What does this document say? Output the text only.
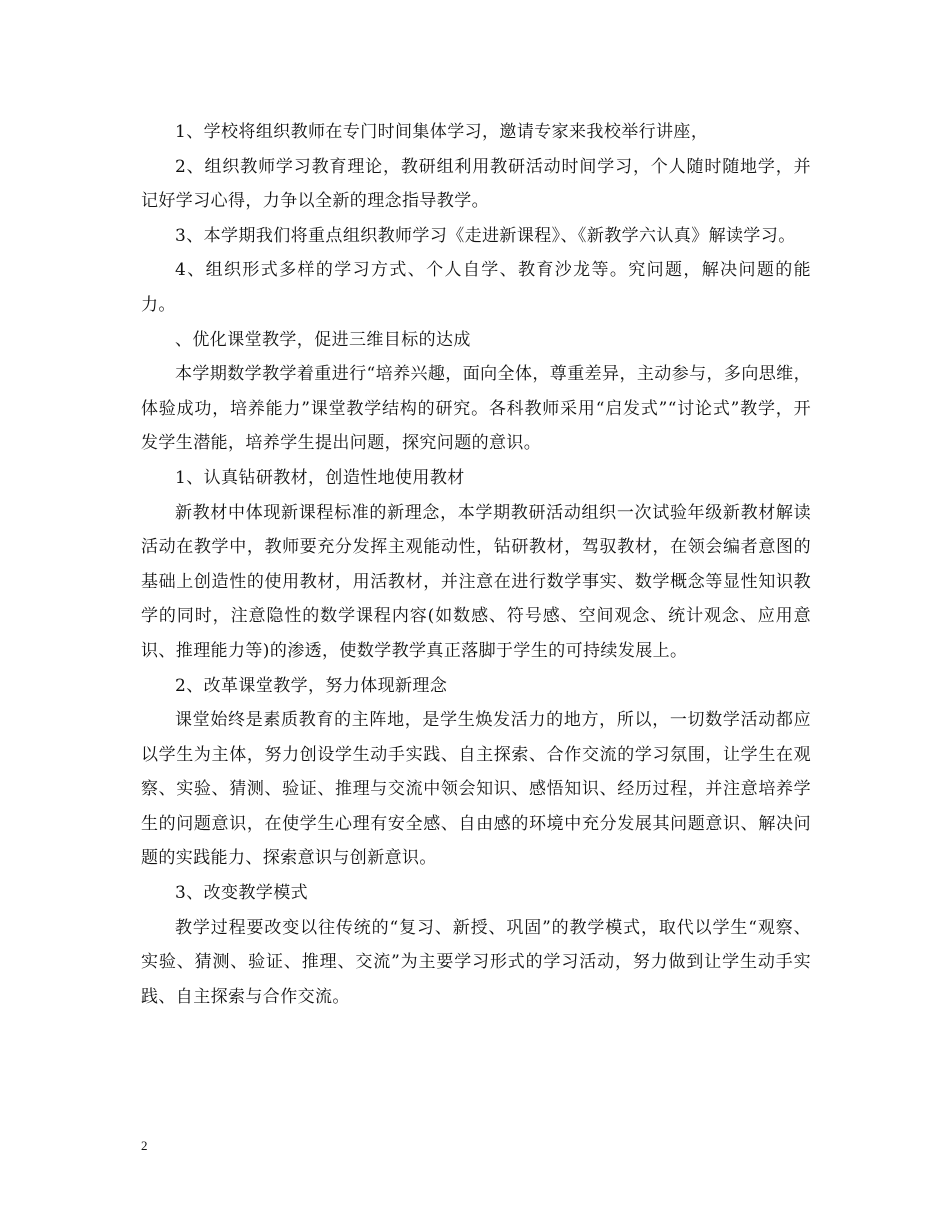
1、学校将组织教师在专门时间集体学习，邀请专家来我校举行讲座，

2、组织教师学习教育理论，教研组利用教研活动时间学习，个人随时随地学，并记好学习心得，力争以全新的理念指导教学。

3、本学期我们将重点组织教师学习《走进新课程》、《新教学六认真》解读学习。

4、组织形式多样的学习方式、个人自学、教育沙龙等。究问题，解决问题的能力。

、优化课堂教学，促进三维目标的达成

本学期数学教学着重进行“培养兴趣，面向全体，尊重差异，主动参与，多向思维，体验成功，培养能力”课堂教学结构的研究。各科教师采用“启发式”“讨论式”教学，开发学生潜能，培养学生提出问题，探究问题的意识。

1、认真钻研教材，创造性地使用教材

新教材中体现新课程标准的新理念，本学期教研活动组织一次试验年级新教材解读活动在教学中，教师要充分发挥主观能动性，钻研教材，驾驭教材，在领会编者意图的基础上创造性的使用教材，用活教材，并注意在进行数学事实、数学概念等显性知识教学的同时，注意隐性的数学课程内容(如数感、符号感、空间观念、统计观念、应用意识、推理能力等)的渗透，使数学教学真正落脚于学生的可持续发展上。

2、改革课堂教学，努力体现新理念

课堂始终是素质教育的主阵地，是学生焕发活力的地方，所以，一切数学活动都应以学生为主体，努力创设学生动手实践、自主探索、合作交流的学习氛围，让学生在观察、实验、猜测、验证、推理与交流中领会知识、感悟知识、经历过程，并注意培养学生的问题意识，在使学生心理有安全感、自由感的环境中充分发展其问题意识、解决问题的实践能力、探索意识与创新意识。

3、改变教学模式

教学过程要改变以往传统的“复习、新授、巩固”的教学模式，取代以学生“观察、实验、猜测、验证、推理、交流”为主要学习形式的学习活动，努力做到让学生动手实践、自主探索与合作交流。

2
